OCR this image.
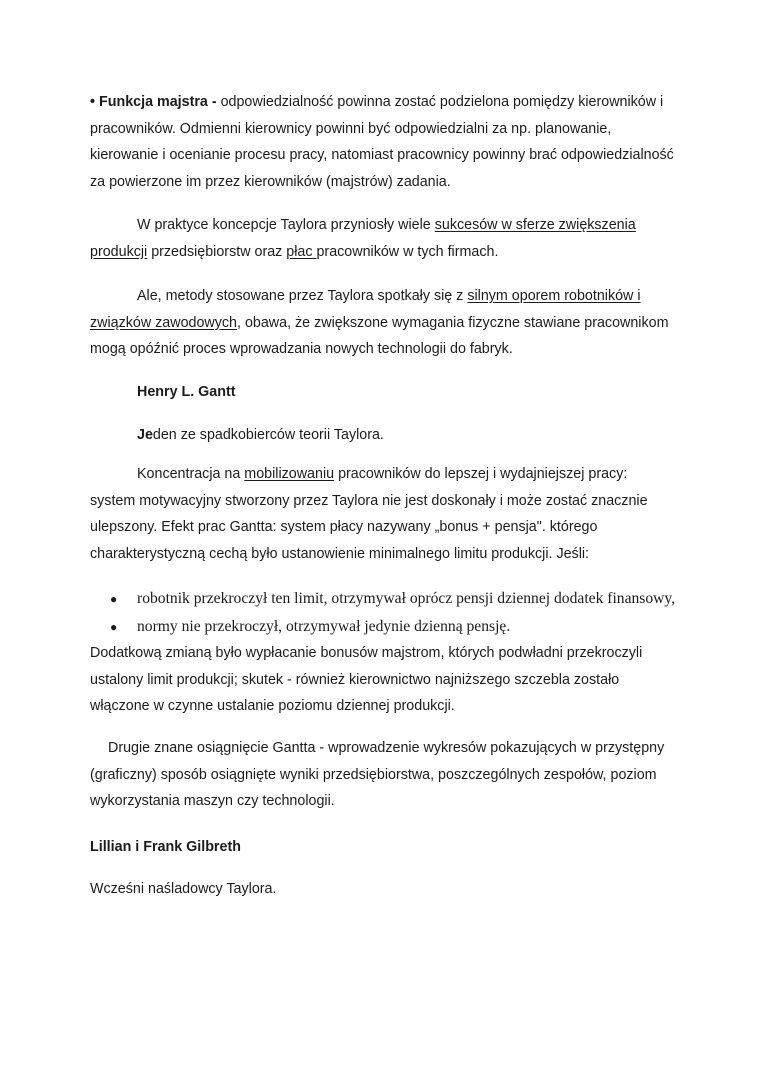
• Funkcja majstra - odpowiedzialność powinna zostać podzielona pomiędzy kierowników i
pracowników. Odmienni kierownicy powinni być odpowiedzialni za np. planowanie,
kierowanie i ocenianie procesu pracy, natomiast pracownicy powinny brać odpowiedzialność
za powierzone im przez kierowników (majstrów) zadania.
W praktyce koncepcje Taylora przyniosły wiele sukcesów w sferze zwiększenia
produkcji przedsiębiorstw oraz płac pracowników w tych firmach.
Ale, metody stosowane przez Taylora spotkały się z silnym oporem robotników i
związków zawodowych, obawa, że zwiększone wymagania fizyczne stawiane pracownikom
mogą opóźnić proces wprowadzania nowych technologii do fabryk.
Henry L. Gantt
Jeden ze spadkobierców teorii Taylora.
Koncentracja na mobilizowaniu pracowników do lepszej i wydajniejszej pracy:
system motywacyjny stworzony przez Taylora nie jest doskonały i może zostać znacznie
ulepszony. Efekt prac Gantta: system płacy nazywany „bonus + pensja". którego
charakterystyczną cechą było ustanowienie minimalnego limitu produkcji. Jeśli:
● robotnik przekroczył ten limit, otrzymywał oprócz pensji dziennej dodatek finansowy,
● normy nie przekroczył, otrzymywał jedynie dzienną pensję.
Dodatkową zmianą było wypłacanie bonusów majstrom, których podwładni przekroczyli
ustalony limit produkcji; skutek - również kierownictwo najniższego szczebla zostało
włączone w czynne ustalanie poziomu dziennej produkcji.
Drugie znane osiągnięcie Gantta - wprowadzenie wykresów pokazujących w przystępny
(graficzny) sposób osiągnięte wyniki przedsiębiorstwa, poszczególnych zespołów, poziom
wykorzystania maszyn czy technologii.
Lillian i Frank Gilbreth
Wcześni naśladowcy Taylora.
